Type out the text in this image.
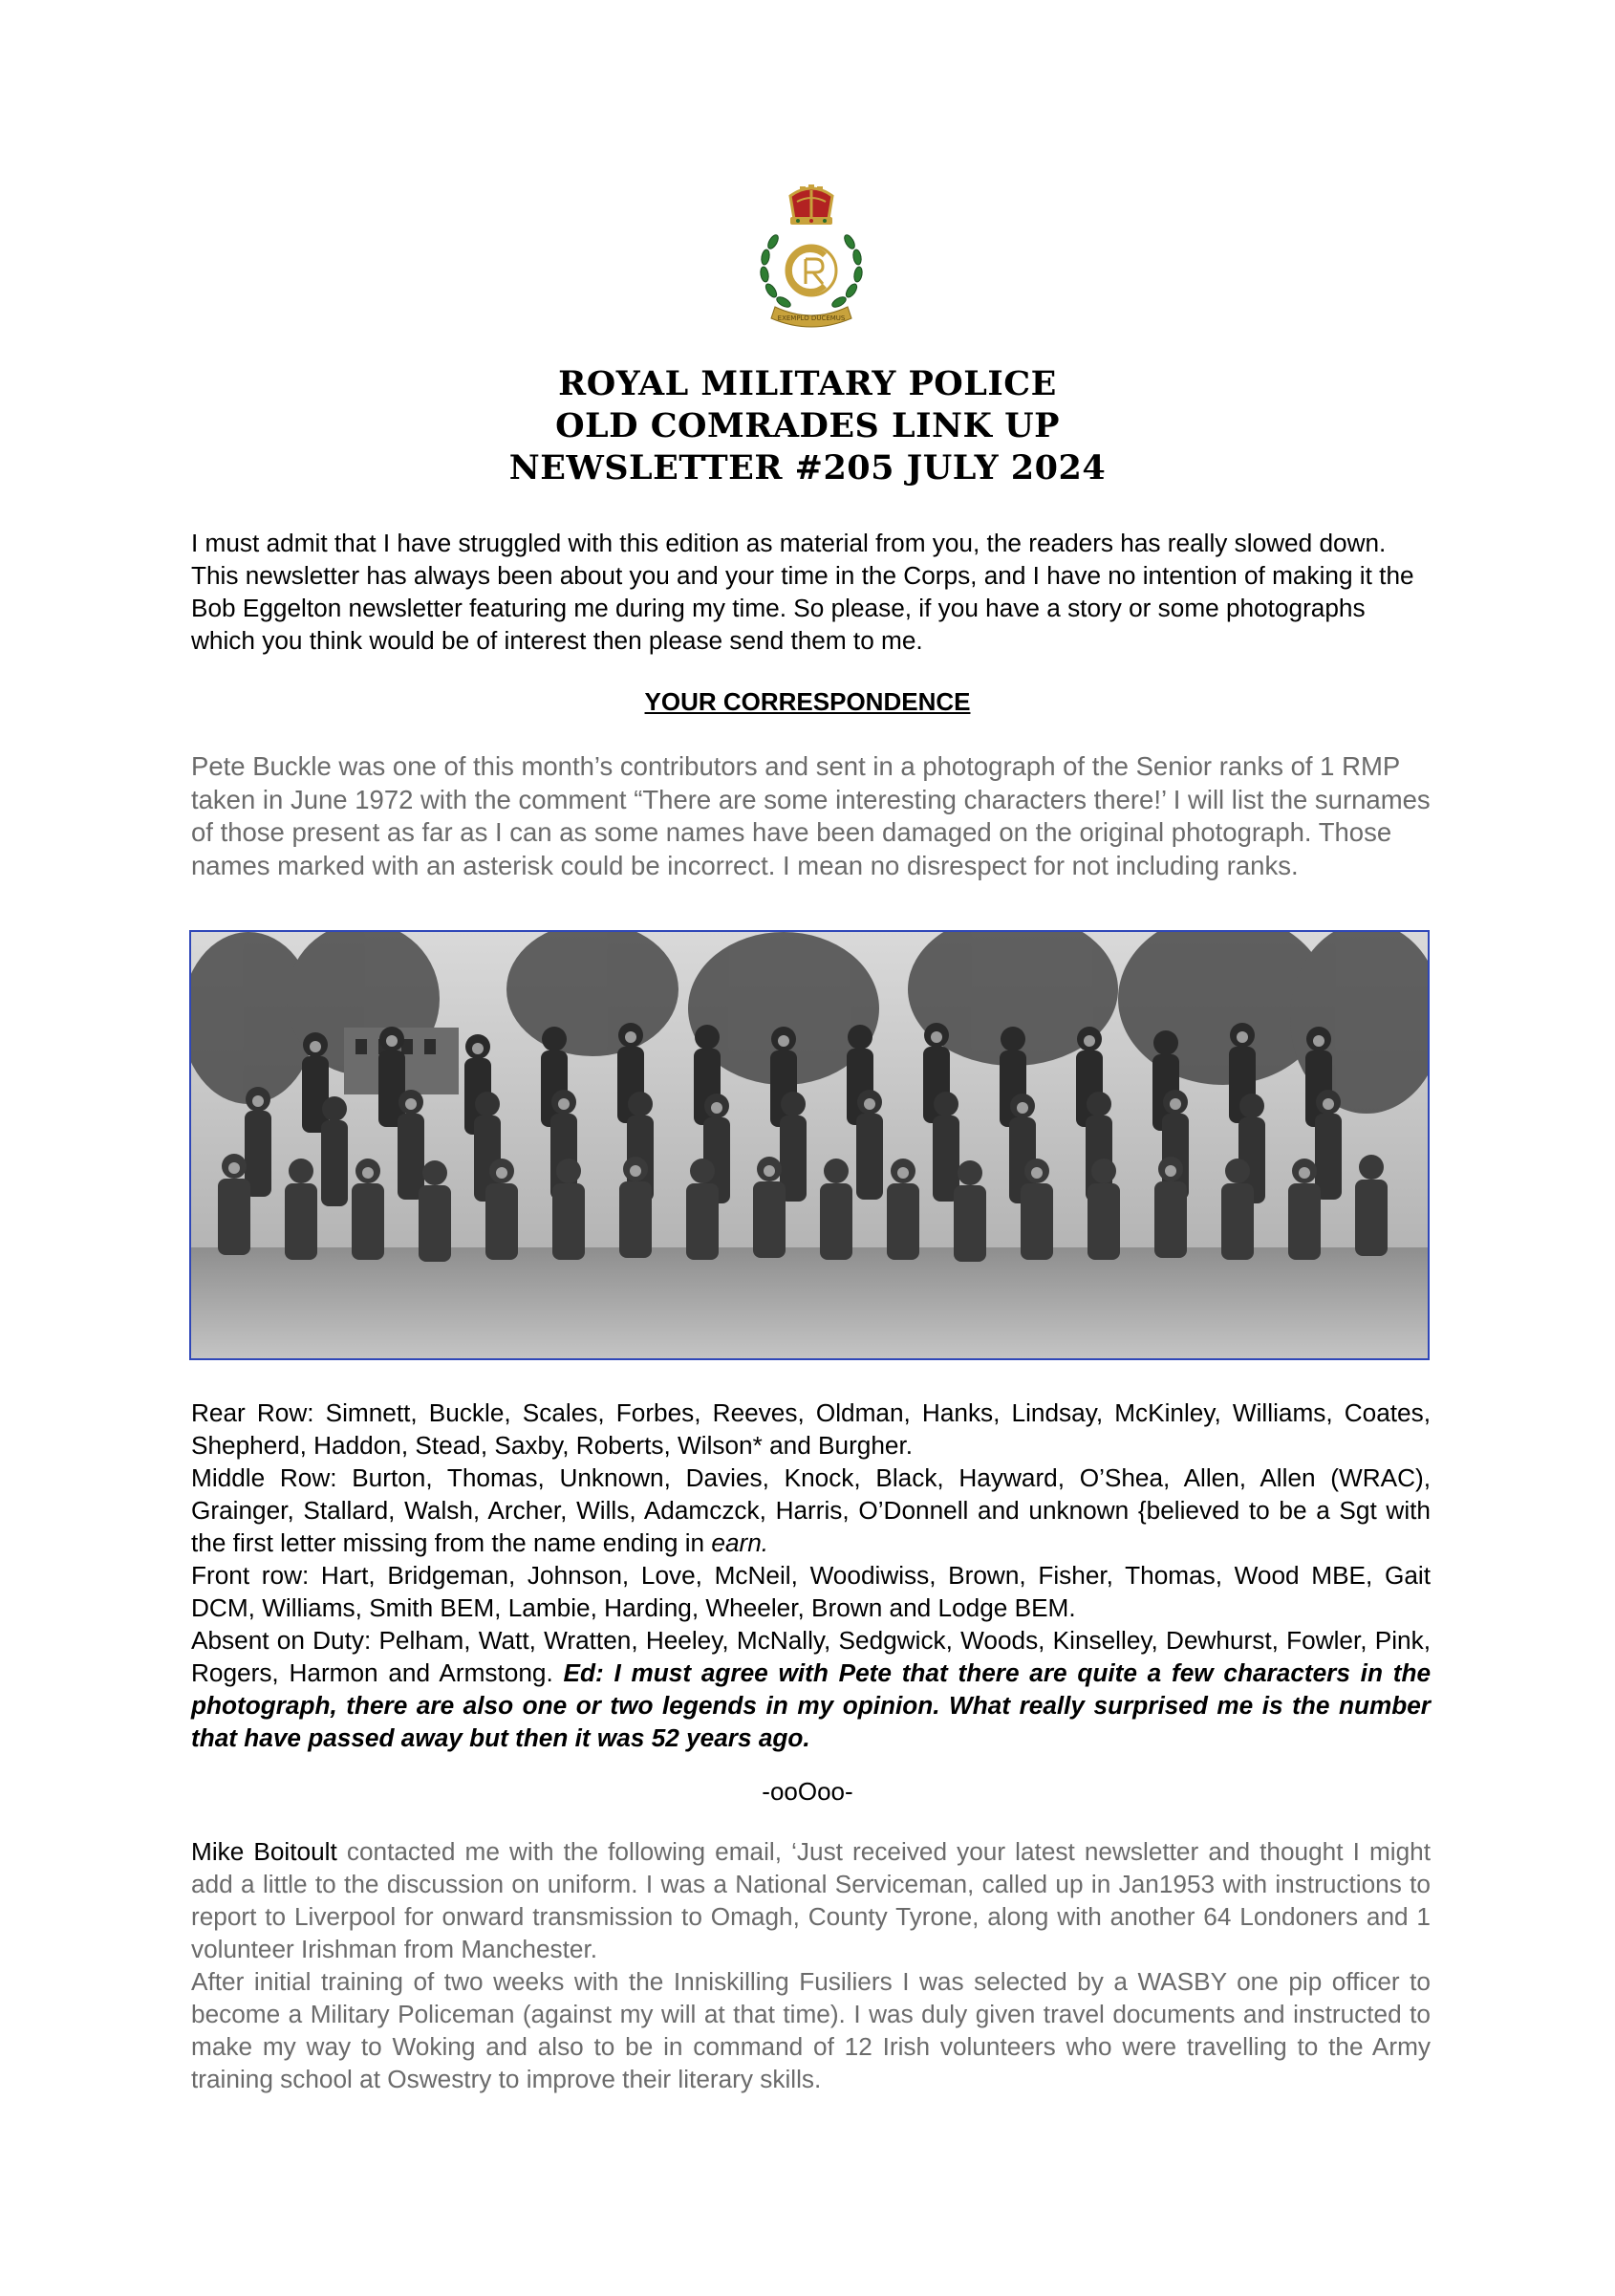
EXEMPLO DUCEMUS
ROYAL MILITARY POLICE
OLD COMRADES LINK UP
NEWSLETTER #205 JULY 2024
I must admit that I have struggled with this edition as material from you, the readers has really slowed down. This newsletter has always been about you and your time in the Corps, and I have no intention of making it the Bob Eggelton newsletter featuring me during my time. So please, if you have a story or some photographs which you think would be of interest then please send them to me.
YOUR CORRESPONDENCE
Pete Buckle was one of this month’s contributors and sent in a photograph of the Senior ranks of 1 RMP taken in June 1972 with the comment “There are some interesting characters there!’ I will list the surnames of those present as far as I can as some names have been damaged on the original photograph. Those names marked with an asterisk could be incorrect. I mean no disrespect for not including ranks.

Rear Row: Simnett, Buckle, Scales, Forbes, Reeves, Oldman, Hanks, Lindsay, McKinley, Williams, Coates, Shepherd, Haddon, Stead, Saxby, Roberts, Wilson* and Burgher.

Middle Row: Burton, Thomas, Unknown, Davies, Knock, Black, Hayward, O’Shea, Allen, Allen (WRAC), Grainger, Stallard, Walsh, Archer, Wills, Adamczck, Harris, O’Donnell and unknown {believed to be a Sgt with the first letter missing from the name ending in earn.

Front row: Hart, Bridgeman, Johnson, Love, McNeil, Woodiwiss, Brown, Fisher, Thomas, Wood MBE, Gait DCM, Williams, Smith BEM, Lambie, Harding, Wheeler, Brown and Lodge BEM.

Absent on Duty: Pelham, Watt, Wratten, Heeley, McNally, Sedgwick, Woods, Kinselley, Dewhurst, Fowler, Pink, Rogers, Harmon and Armstong. Ed: I must agree with Pete that there are quite a few characters in the photograph, there are also one or two legends in my opinion. What really surprised me is the number that have passed away but then it was 52 years ago.

-ooOoo-

Mike Boitoult contacted me with the following email, ‘Just received your latest newsletter and thought I might add a little to the discussion on uniform. I was a National Serviceman, called up in Jan1953 with instructions to report to Liverpool for onward transmission to Omagh, County Tyrone, along with another 64 Londoners and 1 volunteer Irishman from Manchester.

After initial training of two weeks with the Inniskilling Fusiliers I was selected by a WASBY one pip officer to become a Military Policeman (against my will at that time). I was duly given travel documents and instructed to make my way to Woking and also to be in command of 12 Irish volunteers who were travelling to the Army training school at Oswestry to improve their literary skills.
